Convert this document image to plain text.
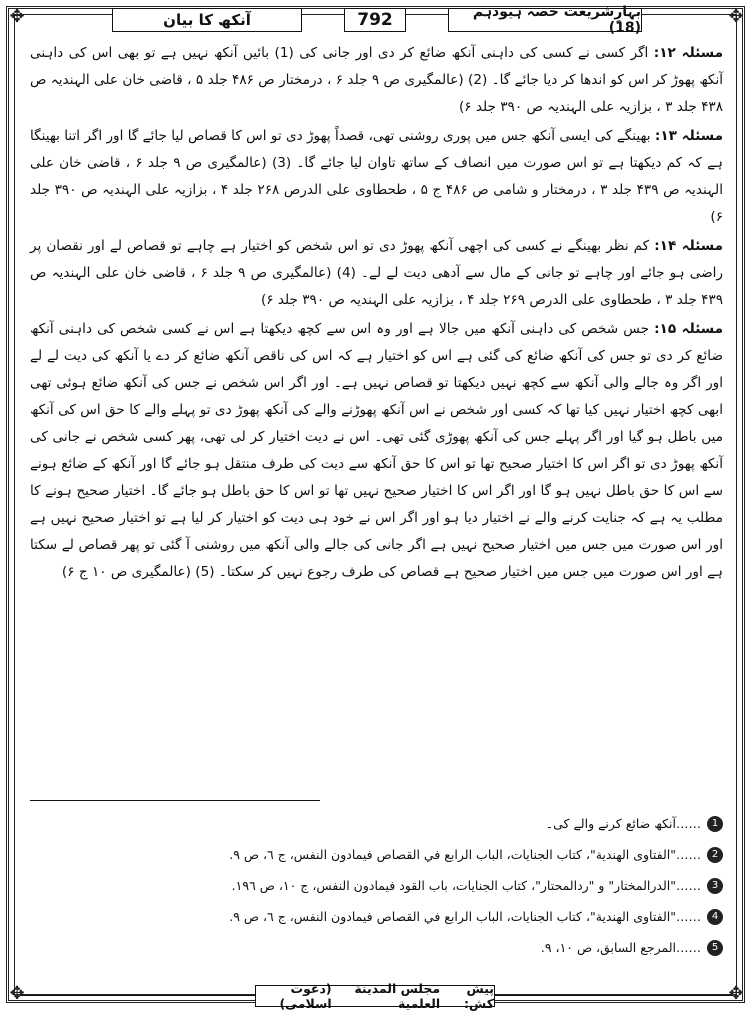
✥	✥
✥	✥
بہارِشریعت حصہ ہیودہم (18)
792
آنکھ کا بیان

مسئلہ ۱۲: اگر کسی نے کسی کی داہنی آنکھ ضائع کر دی اور جانی کی (1) بائیں آنکھ نہیں ہے تو بھی اس کی داہنی آنکھ پھوڑ کر اس کو اندھا کر دیا جائے گا۔ (2) (عالمگیری ص ۹ جلد ۶ ، درمختار ص ۴۸۶ جلد ۵ ، قاضی خان علی الہندیہ ص ۴۳۸ جلد ۳ ، بزازیہ علی الہندیہ ص ۳۹۰ جلد ۶)

مسئلہ ۱۳: بھینگے کی ایسی آنکھ جس میں پوری روشنی تھی، قصداً پھوڑ دی تو اس کا قصاص لیا جائے گا اور اگر اتنا بھینگا ہے کہ کم دیکھتا ہے تو اس صورت میں انصاف کے ساتھ تاوان لیا جائے گا۔ (3) (عالمگیری ص ۹ جلد ۶ ، قاضی خان علی الہندیہ ص ۴۳۹ جلد ۳ ، درمختار و شامی ص ۴۸۶ ج ۵ ، طحطاوی علی الدرص ۲۶۸ جلد ۴ ، بزازیہ علی الہندیہ ص ۳۹۰ جلد ۶)

مسئلہ ۱۴: کم نظر بھینگے نے کسی کی اچھی آنکھ پھوڑ دی تو اس شخص کو اختیار ہے چاہے تو قصاص لے اور نقصان پر راضی ہو جائے اور چاہے تو جانی کے مال سے آدھی دیت لے لے۔ (4) (عالمگیری ص ۹ جلد ۶ ، قاضی خان علی الہندیہ ص ۴۳۹ جلد ۳ ، طحطاوی علی الدرص ۲۶۹ جلد ۴ ، بزازیہ علی الہندیہ ص ۳۹۰ جلد ۶)

مسئلہ ۱۵: جس شخص کی داہنی آنکھ میں جالا ہے اور وہ اس سے کچھ دیکھتا ہے اس نے کسی شخص کی داہنی آنکھ ضائع کر دی تو جس کی آنکھ ضائع کی گئی ہے اس کو اختیار ہے کہ اس کی ناقص آنکھ ضائع کر دے یا آنکھ کی دیت لے لے اور اگر وہ جالے والی آنکھ سے کچھ نہیں دیکھتا تو قصاص نہیں ہے۔ اور اگر اس شخص نے جس کی آنکھ ضائع ہوئی تھی ابھی کچھ اختیار نہیں کیا تھا کہ کسی اور شخص نے اس آنکھ پھوڑنے والے کی آنکھ پھوڑ دی تو پہلے والے کا حق اس کی آنکھ میں باطل ہو گیا اور اگر پہلے جس کی آنکھ پھوڑی گئی تھی۔ اس نے دیت اختیار کر لی تھی، پھر کسی شخص نے جانی کی آنکھ پھوڑ دی تو اگر اس کا اختیار صحیح تھا تو اس کا حق آنکھ سے دیت کی طرف منتقل ہو جائے گا اور آنکھ کے ضائع ہونے سے اس کا حق باطل نہیں ہو گا اور اگر اس کا اختیار صحیح نہیں تھا تو اس کا حق باطل ہو جائے گا۔ اختیار صحیح ہونے کا مطلب یہ ہے کہ جنایت کرنے والے نے اختیار دیا ہو اور اگر اس نے خود ہی دیت کو اختیار کر لیا ہے تو اختیار صحیح نہیں ہے اور اس صورت میں جس میں اختیار صحیح نہیں ہے اگر جانی کی جالے والی آنکھ میں روشنی آ گئی تو پھر قصاص لے سکتا ہے اور اس صورت میں جس میں اختیار صحیح ہے قصاص کی طرف رجوع نہیں کر سکتا۔ (5) (عالمگیری ص ۱۰ ج ۶)

1
……آنکھ ضائع کرنے والے کی۔
2
……"الفتاوی الهندية"، كتاب الجنايات، الباب الرابع في القصاص فيمادون النفس، ج ٦، ص ٩.
3
……"الدرالمختار" و "ردالمحتار"، كتاب الجنايات، باب القود فيمادون النفس، ج ١٠، ص ١٩٦.
4
……"الفتاوی الهندية"، كتاب الجنايات، الباب الرابع في القصاص فيمادون النفس، ج ٦، ص ٩.
5
……المرجع السابق، ص ١٠، ٩.
پیش کش:
مجلس المدينة العلمية
(دعوت اسلامی)
